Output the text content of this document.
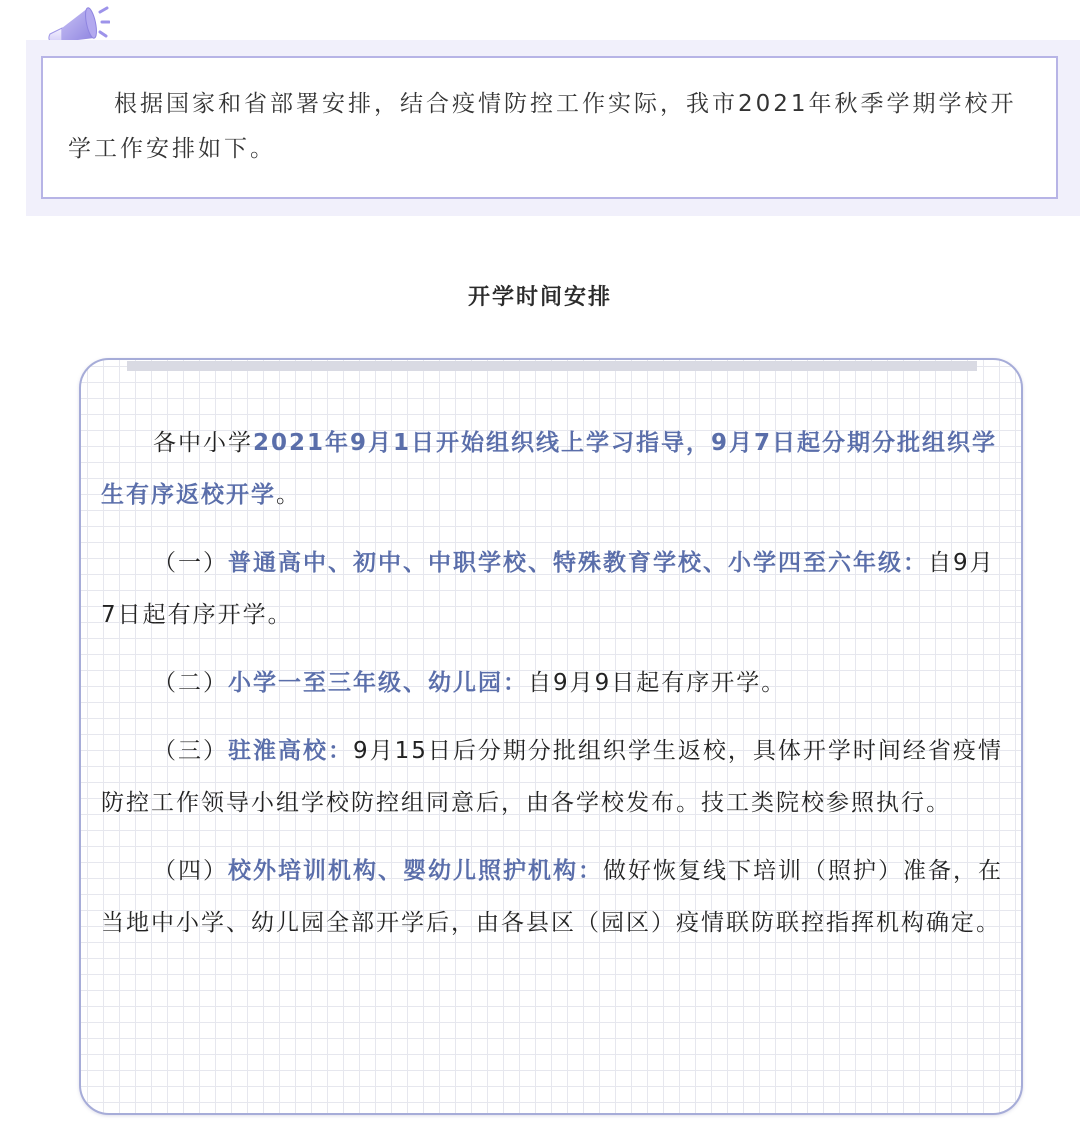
根据国家和省部署安排，结合疫情防控工作实际，我市2021年秋季学期学校开学工作安排如下。

开学时间安排

各中小学2021年9月1日开始组织线上学习指导，9月7日起分期分批组织学生有序返校开学。

（一）普通高中、初中、中职学校、特殊教育学校、小学四至六年级：自9月7日起有序开学。

（二）小学一至三年级、幼儿园：自9月9日起有序开学。

（三）驻淮高校：9月15日后分期分批组织学生返校，具体开学时间经省疫情防控工作领导小组学校防控组同意后，由各学校发布。技工类院校参照执行。

（四）校外培训机构、婴幼儿照护机构：做好恢复线下培训（照护）准备，在当地中小学、幼儿园全部开学后，由各县区（园区）疫情联防联控指挥机构确定。
